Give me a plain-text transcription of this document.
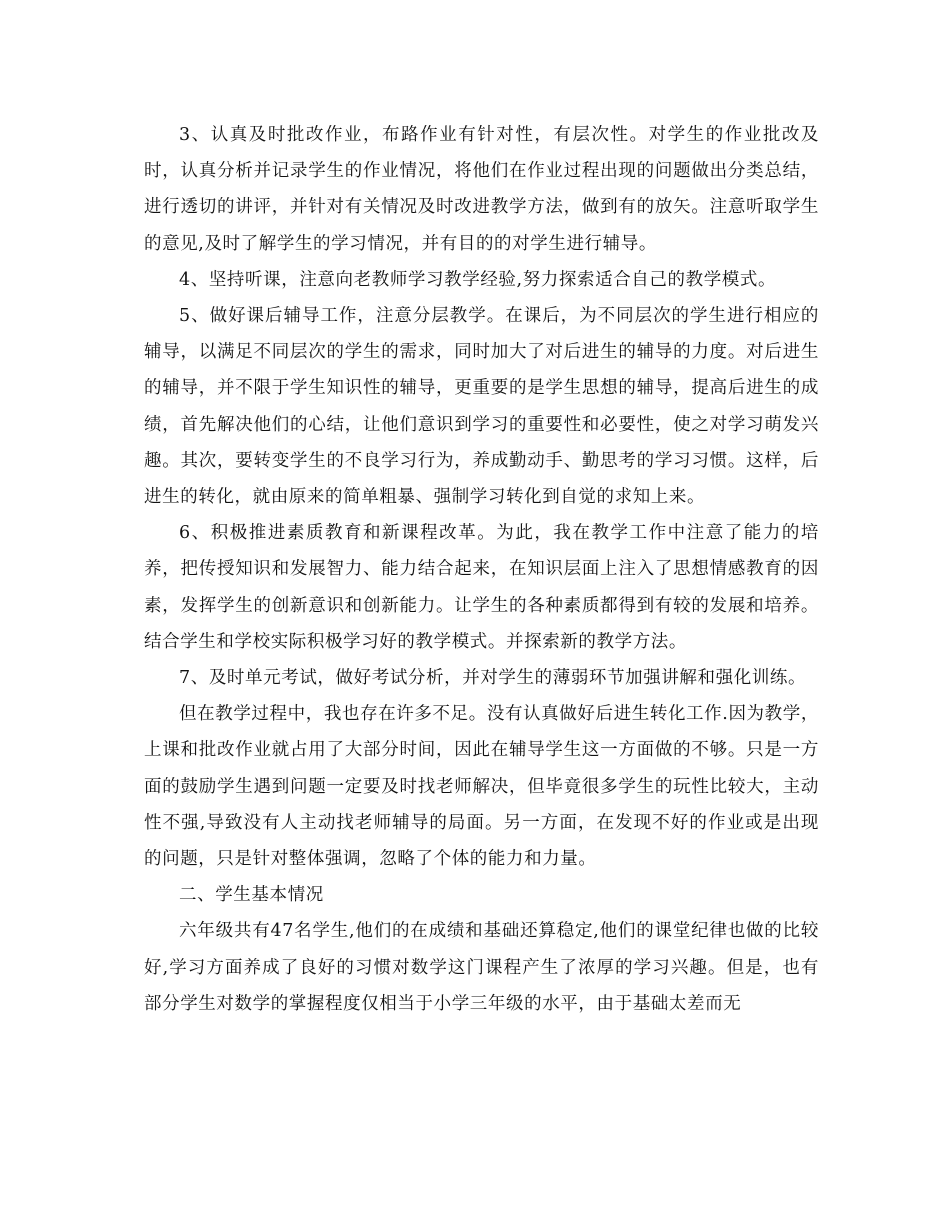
3、认真及时批改作业，布路作业有针对性，有层次性。对学生的作业批改及时，认真分析并记录学生的作业情况，将他们在作业过程出现的问题做出分类总结，进行透切的讲评，并针对有关情况及时改进教学方法，做到有的放矢。注意听取学生的意见,及时了解学生的学习情况，并有目的的对学生进行辅导。

4、坚持听课，注意向老教师学习教学经验,努力探索适合自己的教学模式。

5、做好课后辅导工作，注意分层教学。在课后，为不同层次的学生进行相应的辅导，以满足不同层次的学生的需求，同时加大了对后进生的辅导的力度。对后进生的辅导，并不限于学生知识性的辅导，更重要的是学生思想的辅导，提高后进生的成绩，首先解决他们的心结，让他们意识到学习的重要性和必要性，使之对学习萌发兴趣。其次，要转变学生的不良学习行为，养成勤动手、勤思考的学习习惯。这样，后进生的转化，就由原来的简单粗暴、强制学习转化到自觉的求知上来。

6、积极推进素质教育和新课程改革。为此，我在教学工作中注意了能力的培养，把传授知识和发展智力、能力结合起来，在知识层面上注入了思想情感教育的因素，发挥学生的创新意识和创新能力。让学生的各种素质都得到有较的发展和培养。结合学生和学校实际积极学习好的教学模式。并探索新的教学方法。

7、及时单元考试，做好考试分析，并对学生的薄弱环节加强讲解和强化训练。

但在教学过程中，我也存在许多不足。没有认真做好后进生转化工作.因为教学，上课和批改作业就占用了大部分时间，因此在辅导学生这一方面做的不够。只是一方面的鼓励学生遇到问题一定要及时找老师解决，但毕竟很多学生的玩性比较大，主动性不强,导致没有人主动找老师辅导的局面。另一方面，在发现不好的作业或是出现的问题，只是针对整体强调，忽略了个体的能力和力量。

二、学生基本情况

六年级共有47名学生,他们的在成绩和基础还算稳定,他们的课堂纪律也做的比较好,学习方面养成了良好的习惯对数学这门课程产生了浓厚的学习兴趣。但是，也有部分学生对数学的掌握程度仅相当于小学三年级的水平，由于基础太差而无
